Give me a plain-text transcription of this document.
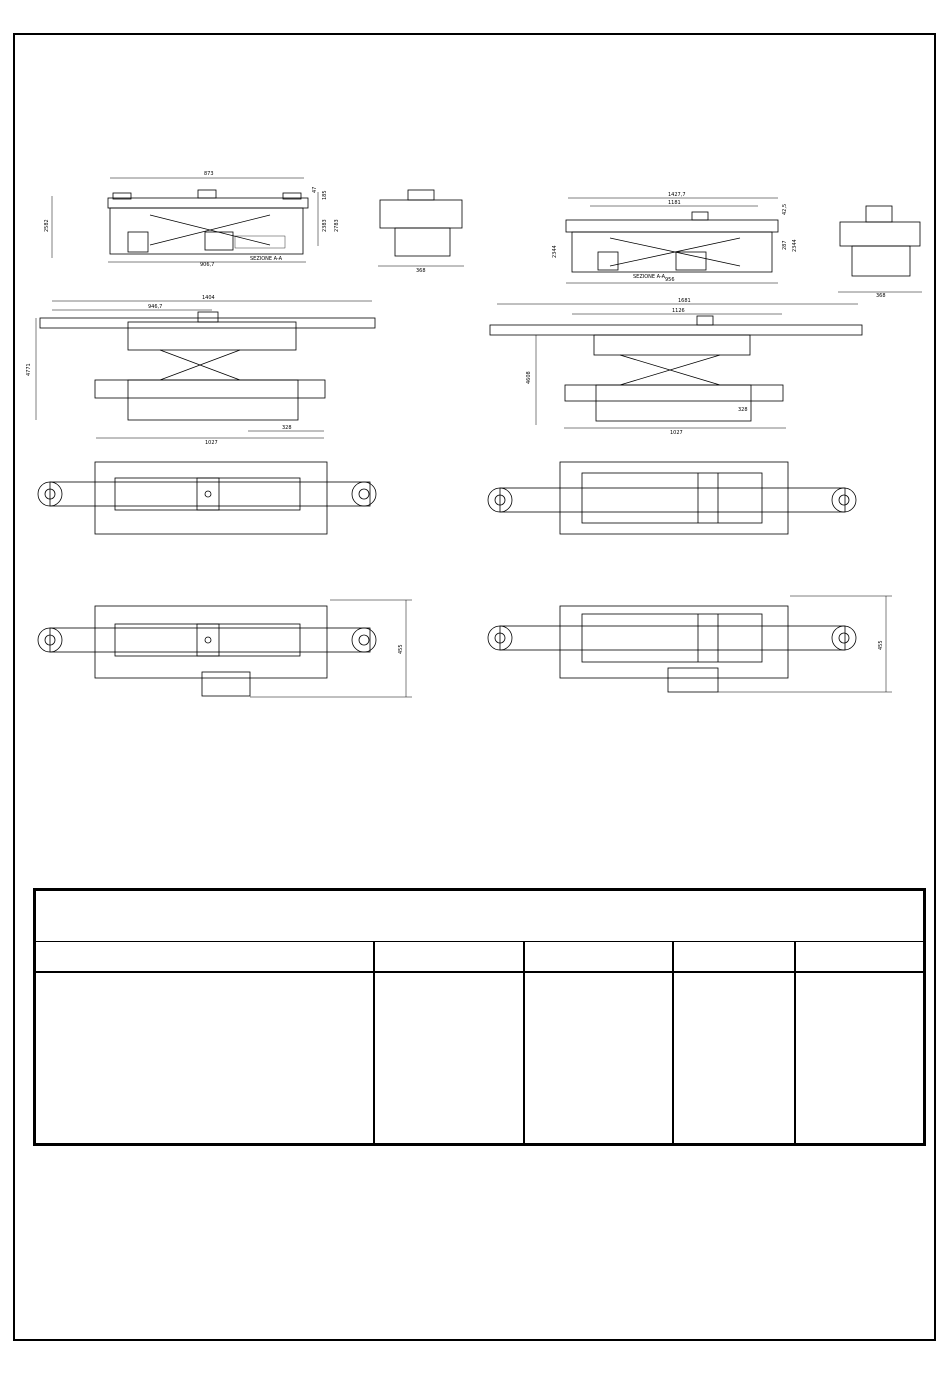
873
2582
SEZIONE A-A
906,7
47
185
2383 2783
368
1427,7
1181
SEZIONE A-A 956
2344
42,5
287 2344
368
1404
946,7
4771
1027
328
1681
1126
4608
1027
328
455	455
